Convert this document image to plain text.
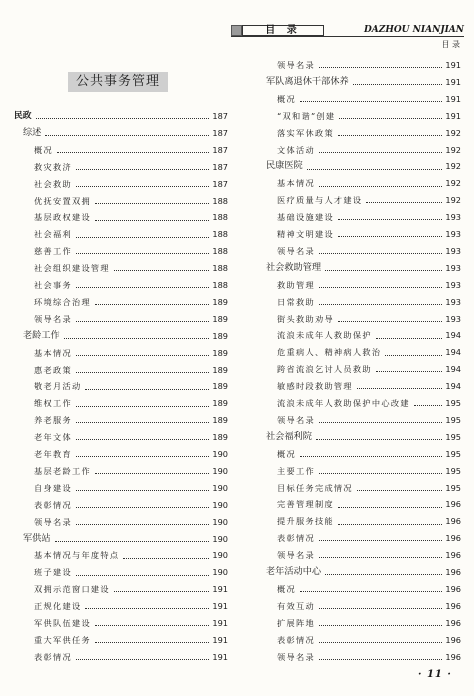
目 录	DAZHOU NIANJIAN
目 录
公共事务管理
民政	187
综述	187
概况	187
救灾救济	187
社会救助	187
优抚安置双拥	188
基层政权建设	188
社会福利	188
慈善工作	188
社会组织建设管理	188
社会事务	188
环境综合治理	189
领导名录	189
老龄工作	189
基本情况	189
惠老政策	189
敬老月活动	189
维权工作	189
养老服务	189
老年文体	189
老年教育	190
基层老龄工作	190
自身建设	190
表彰情况	190
领导名录	190
军供站	190
基本情况与年度特点	190
班子建设	190
双拥示范窗口建设	191
正规化建设	191
军供队伍建设	191
重大军供任务	191
表彰情况	191
领导名录	191
军队离退休干部休养	191
概况	191
“双和谐”创建	191
落实军休政策	192
文体活动	192
民康医院	192
基本情况	192
医疗质量与人才建设	192
基础设施建设	193
精神文明建设	193
领导名录	193
社会救助管理	193
救助管理	193
日常救助	193
街头救助劝导	193
流浪未成年人救助保护	194
危重病人、精神病人救治	194
跨省流浪乞讨人员救助	194
敏感时段救助管理	194
流浪未成年人救助保护中心改建	195
领导名录	195
社会福利院	195
概况	195
主要工作	195
目标任务完成情况	195
完善管理制度	196
提升服务技能	196
表彰情况	196
领导名录	196
老年活动中心	196
概况	196
有效互动	196
扩展阵地	196
表彰情况	196
领导名录	196
· 11 ·
